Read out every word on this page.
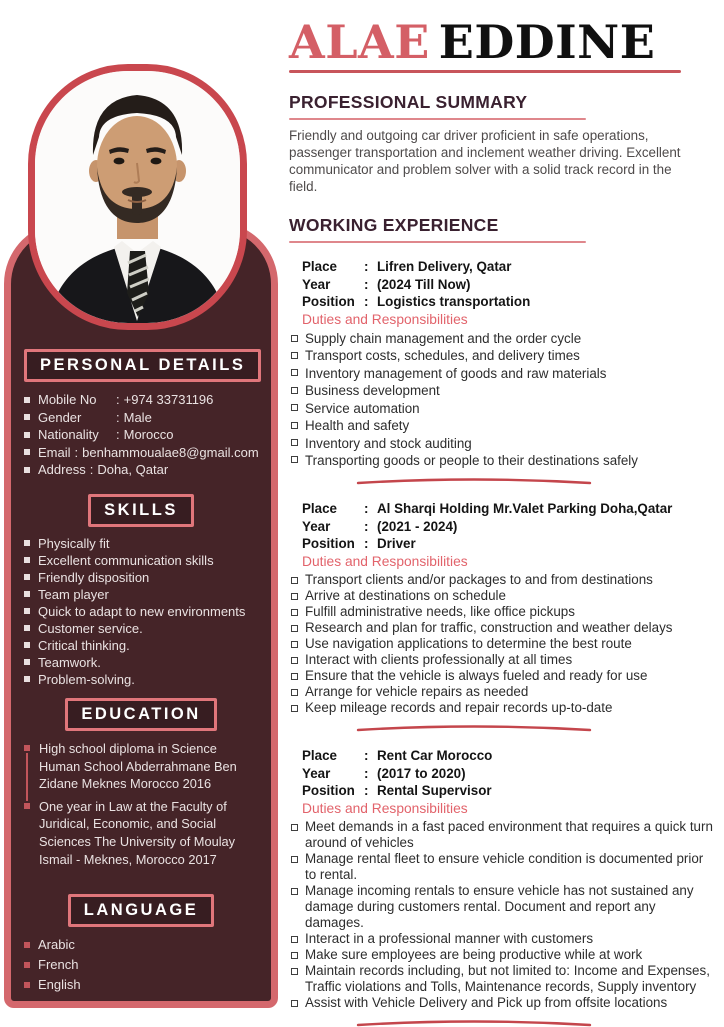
PERSONAL DETAILS
Mobile No	: +974 33731196
Gender	: Male
Nationality	: Morocco
Email : benhammoualae8@gmail.com
Address : Doha, Qatar
SKILLS
Physically fit
Excellent communication skills
Friendly disposition
Team player
Quick to adapt to new environments
Customer service.
Critical thinking.
Teamwork.
Problem-solving.
EDUCATION
High school diploma in Science Human School Abderrahmane Ben Zidane Meknes Morocco 2016
One year in Law at the Faculty of Juridical, Economic, and Social Sciences The University of Moulay Ismail - Meknes, Morocco 2017
LANGUAGE
Arabic
French
English
ALAE EDDINE
PROFESSIONAL SUMMARY

Friendly and outgoing car driver proficient in safe operations, passenger transportation and inclement weather driving. Excellent communicator and problem solver with a solid track record in the field.

WORKING EXPERIENCE
Place	: Lifren Delivery, Qatar
Year	: (2024 Till Now)
Position : Logistics transportation
Duties and Responsibilities
Supply chain management and the order cycle
Transport costs, schedules, and delivery times
Inventory management of goods and raw materials
Business development
Service automation
Health and safety
Inventory and stock auditing
Transporting goods or people to their destinations safely
Place	: Al Sharqi Holding Mr.Valet Parking Doha,Qatar
Year	: (2021 - 2024)
Position : Driver
Duties and Responsibilities
Transport clients and/or packages to and from destinations
Arrive at destinations on schedule
Fulfill administrative needs, like office pickups
Research and plan for traffic, construction and weather delays
Use navigation applications to determine the best route
Interact with clients professionally at all times
Ensure that the vehicle is always fueled and ready for use
Arrange for vehicle repairs as needed
Keep mileage records and repair records up-to-date
Place	: Rent Car Morocco
Year	: (2017 to 2020)
Position : Rental Supervisor
Duties and Responsibilities
Meet demands in a fast paced environment that requires a quick turn around of vehicles
Manage rental fleet to ensure vehicle condition is documented prior to rental.
Manage incoming rentals to ensure vehicle has not sustained any damage during customers rental. Document and report any damages.
Interact in a professional manner with customers
Make sure employees are being productive while at work
Maintain records including, but not limited to: Income and Expenses, Traffic violations and Tolls, Maintenance records, Supply inventory
Assist with Vehicle Delivery and Pick up from offsite locations
